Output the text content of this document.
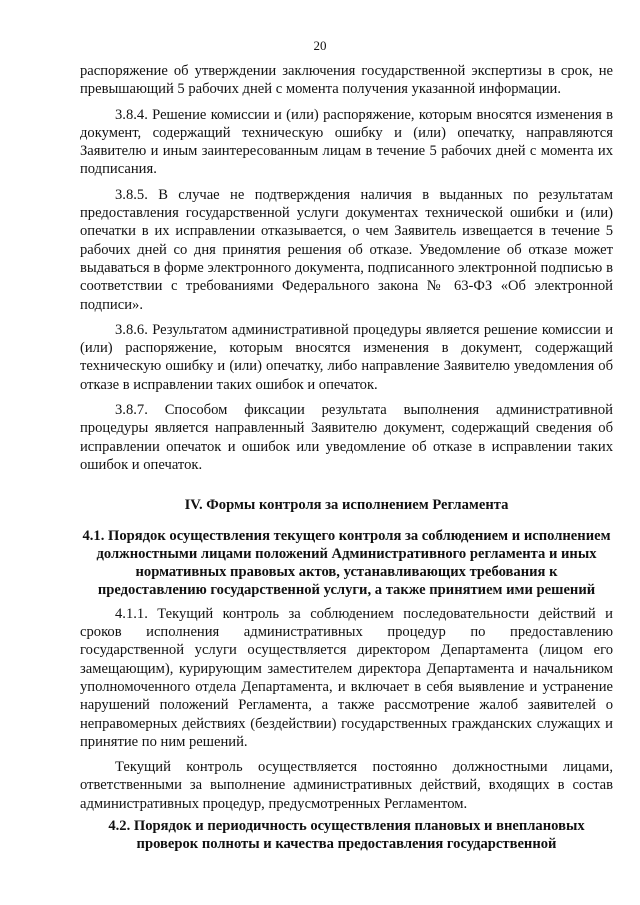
20

распоряжение об утверждении заключения государственной экспертизы в срок, не превышающий 5 рабочих дней с момента получения указанной информации.

3.8.4. Решение комиссии и (или) распоряжение, которым вносятся изменения в документ, содержащий техническую ошибку и (или) опечатку, направляются Заявителю и иным заинтересованным лицам в течение 5 рабочих дней с момента их подписания.

3.8.5. В случае не подтверждения наличия в выданных по результатам предоставления государственной услуги документах технической ошибки и (или) опечатки в их исправлении отказывается, о чем Заявитель извещается в течение 5 рабочих дней со дня принятия решения об отказе. Уведомление об отказе может выдаваться в форме электронного документа, подписанного электронной подписью в соответствии с требованиями Федерального закона № 63-ФЗ «Об электронной подписи».

3.8.6. Результатом административной процедуры является решение комиссии и (или) распоряжение, которым вносятся изменения в документ, содержащий техническую ошибку и (или) опечатку, либо направление Заявителю уведомления об отказе в исправлении таких ошибок и опечаток.

3.8.7. Способом фиксации результата выполнения административной процедуры является направленный Заявителю документ, содержащий сведения об исправлении опечаток и ошибок или уведомление об отказе в исправлении таких ошибок и опечаток.

IV. Формы контроля за исполнением Регламента
4.1. Порядок осуществления текущего контроля за соблюдением и исполнением должностными лицами положений Административного регламента и иных нормативных правовых актов, устанавливающих требования к предоставлению государственной услуги, а также принятием ими решений

4.1.1. Текущий контроль за соблюдением последовательности действий и сроков исполнения административных процедур по предоставлению государственной услуги осуществляется директором Департамента (лицом его замещающим), курирующим заместителем директора Департамента и начальником уполномоченного отдела Департамента, и включает в себя выявление и устранение нарушений положений Регламента, а также рассмотрение жалоб заявителей о неправомерных действиях (бездействии) государственных гражданских служащих и принятие по ним решений.

Текущий контроль осуществляется постоянно должностными лицами, ответственными за выполнение административных действий, входящих в состав административных процедур, предусмотренных Регламентом.

4.2. Порядок и периодичность осуществления плановых и внеплановых проверок полноты и качества предоставления государственной
